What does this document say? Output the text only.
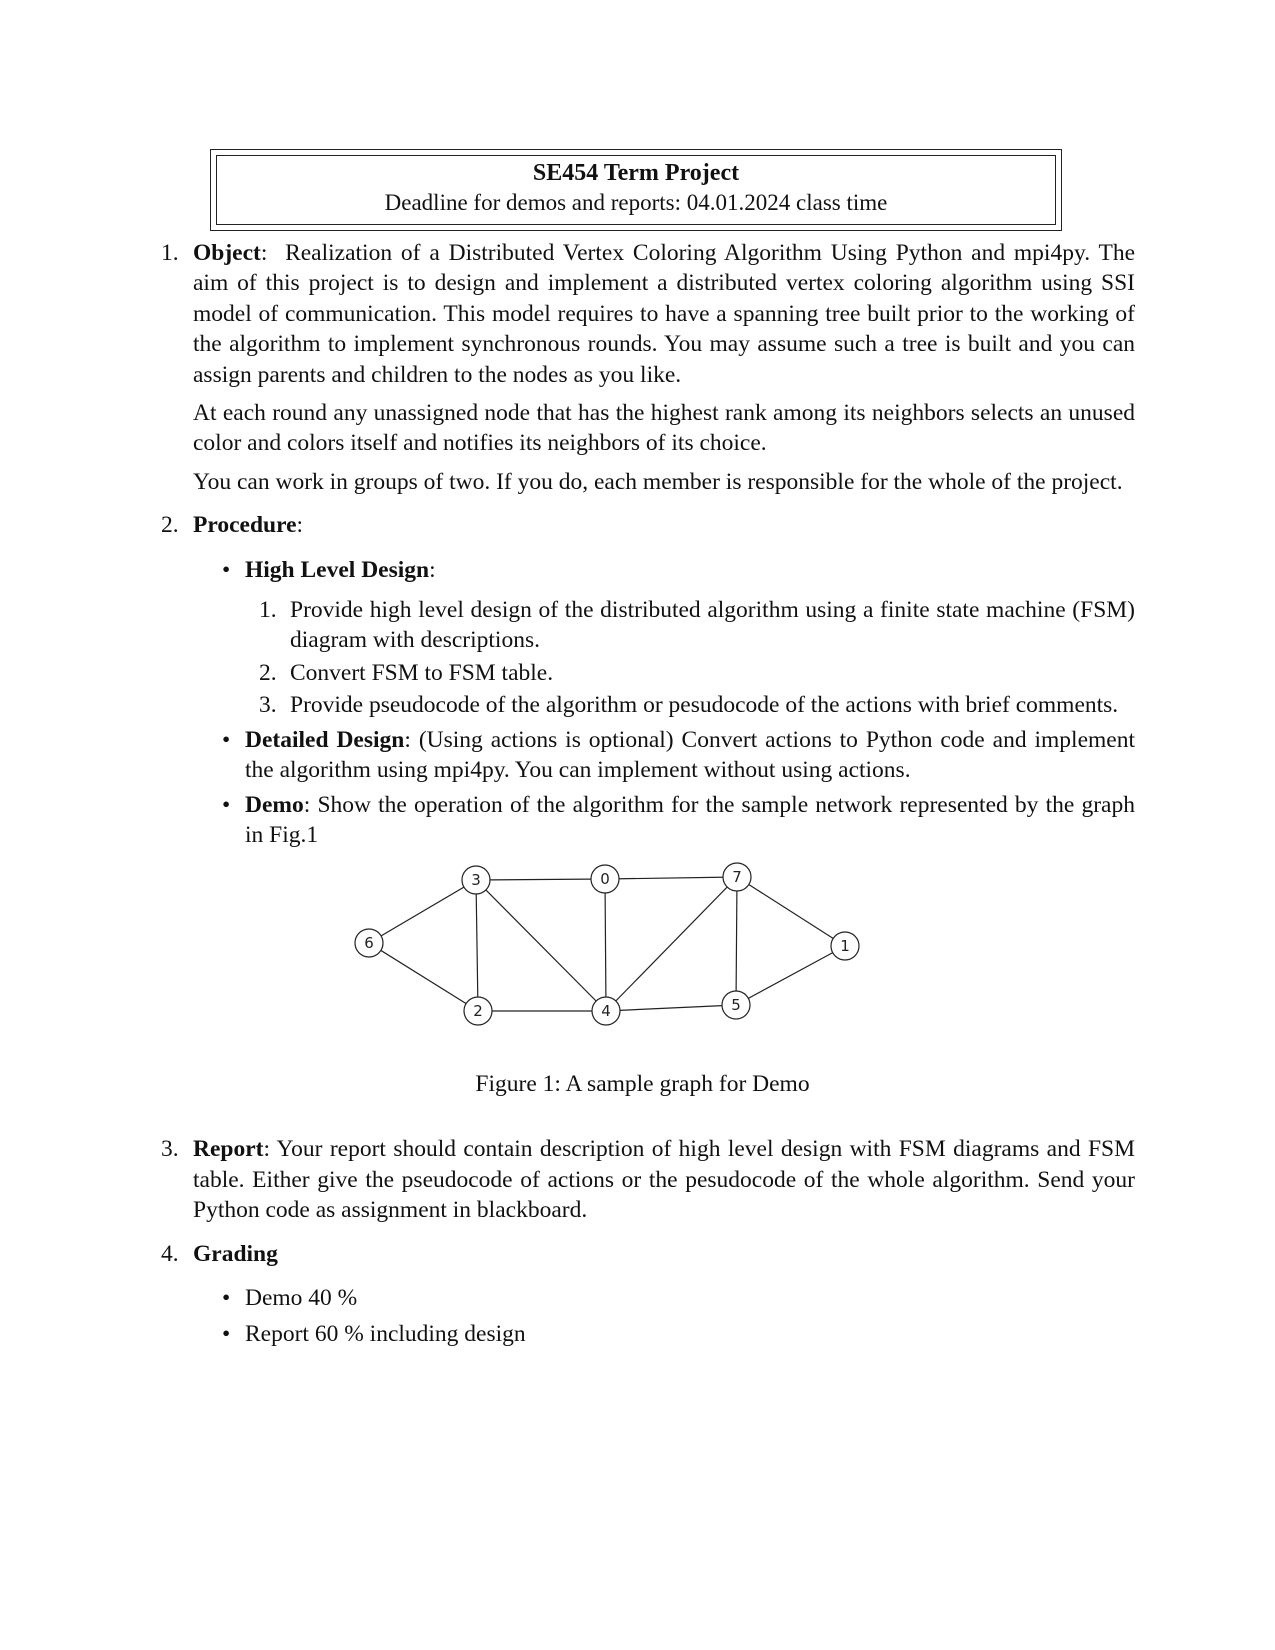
SE454 Term Project
Deadline for demos and reports: 04.01.2024 class time
1. Object: Realization of a Distributed Vertex Coloring Algorithm Using Python and mpi4py. The aim of this project is to design and implement a distributed vertex coloring algorithm using SSI model of communication. This model requires to have a spanning tree built prior to the working of the algorithm to implement synchronous rounds. You may assume such a tree is built and you can assign parents and children to the nodes as you like.

At each round any unassigned node that has the highest rank among its neighbors selects an unused color and colors itself and notifies its neighbors of its choice.

You can work in groups of two. If you do, each member is responsible for the whole of the project.

2. Procedure:

• High Level Design:

1. Provide high level design of the distributed algorithm using a finite state machine (FSM) diagram with descriptions.

2. Convert FSM to FSM table.

3. Provide pseudocode of the algorithm or pesudocode of the actions with brief comments.

• Detailed Design: (Using actions is optional) Convert actions to Python code and implement the algorithm using mpi4py. You can implement without using actions.

• Demo: Show the operation of the algorithm for the sample network represented by the graph in Fig.1

0
1
2
3
4	5
6
7
Figure 1: A sample graph for Demo
3. Report: Your report should contain description of high level design with FSM diagrams and FSM table. Either give the pseudocode of actions or the pesudocode of the whole algorithm. Send your Python code as assignment in blackboard.

4. Grading

• Demo 40 %

• Report 60 % including design
